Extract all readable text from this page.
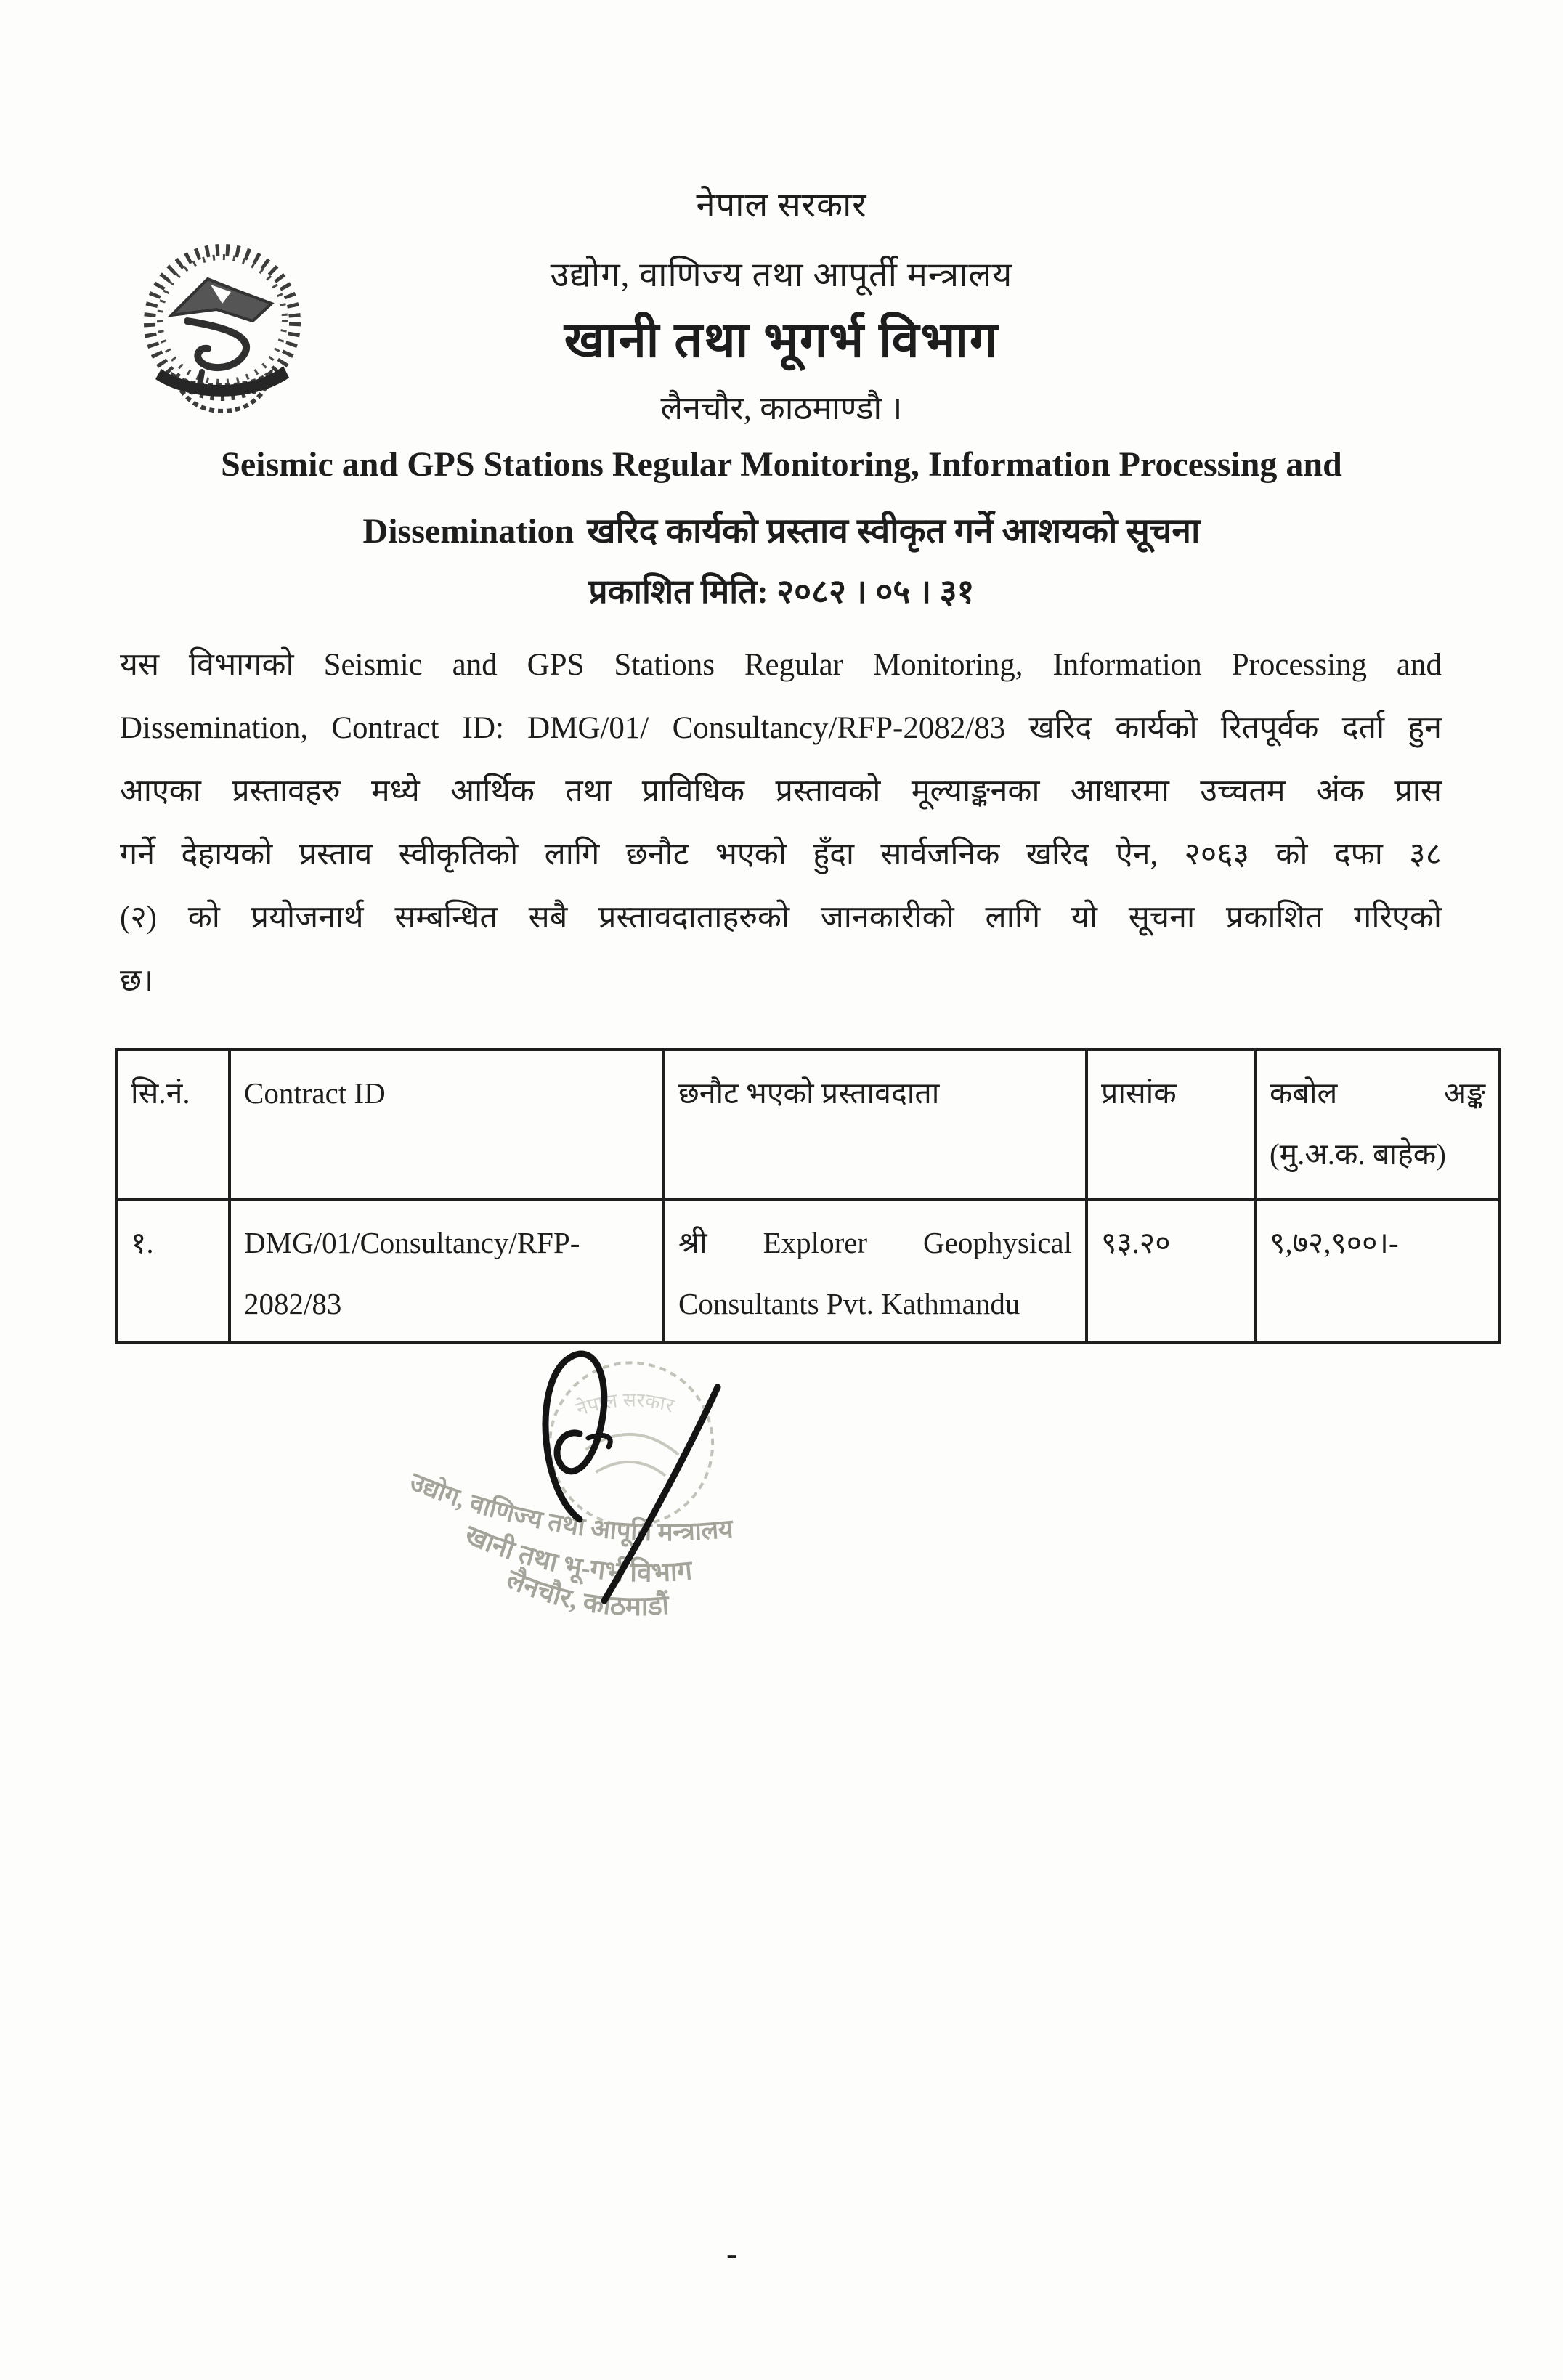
नेपाल सरकार
उद्योग, वाणिज्य तथा आपूर्ती मन्त्रालय
खानी तथा भूगर्भ विभाग
लैनचौर, काठमाण्डौ ।
Seismic and GPS Stations Regular Monitoring, Information Processing and
Dissemination खरिद कार्यको प्रस्ताव स्वीकृत गर्ने आशयको सूचना
प्रकाशित मिति: २०८२ । ०५ । ३१
यस विभागको Seismic and GPS Stations Regular Monitoring, Information Processing and
Dissemination, Contract ID: DMG/01/ Consultancy/RFP-2082/83 खरिद कार्यको रितपूर्वक दर्ता हुन
आएका प्रस्तावहरु मध्ये आर्थिक तथा प्राविधिक प्रस्तावको मूल्याङ्कनका आधारमा उच्चतम अंक प्रास
गर्ने देहायको प्रस्ताव स्वीकृतिको लागि छनौट भएको हुँदा सार्वजनिक खरिद ऐन, २०६३ को दफा ३८
(२) को प्रयोजनार्थ सम्बन्धित सबै प्रस्तावदाताहरुको जानकारीको लागि यो सूचना प्रकाशित गरिएको
छ।
सि.नं.	Contract ID	छनौट भएको प्रस्तावदाता	प्रासांक	कबोल अङ्क (मु.अ.क. बाहेक)
१.	DMG/01/Consultancy/RFP-2082/83	श्री Explorer Geophysical Consultants Pvt. Kathmandu	९३.२०	९,७२,९००।-
नेपाल सरकार
उद्योग, वाणिज्य तथा आपूर्ति मन्त्रालय
खानी तथा भू-गर्भ विभाग
लैनचौर, काठमाडौं
-
